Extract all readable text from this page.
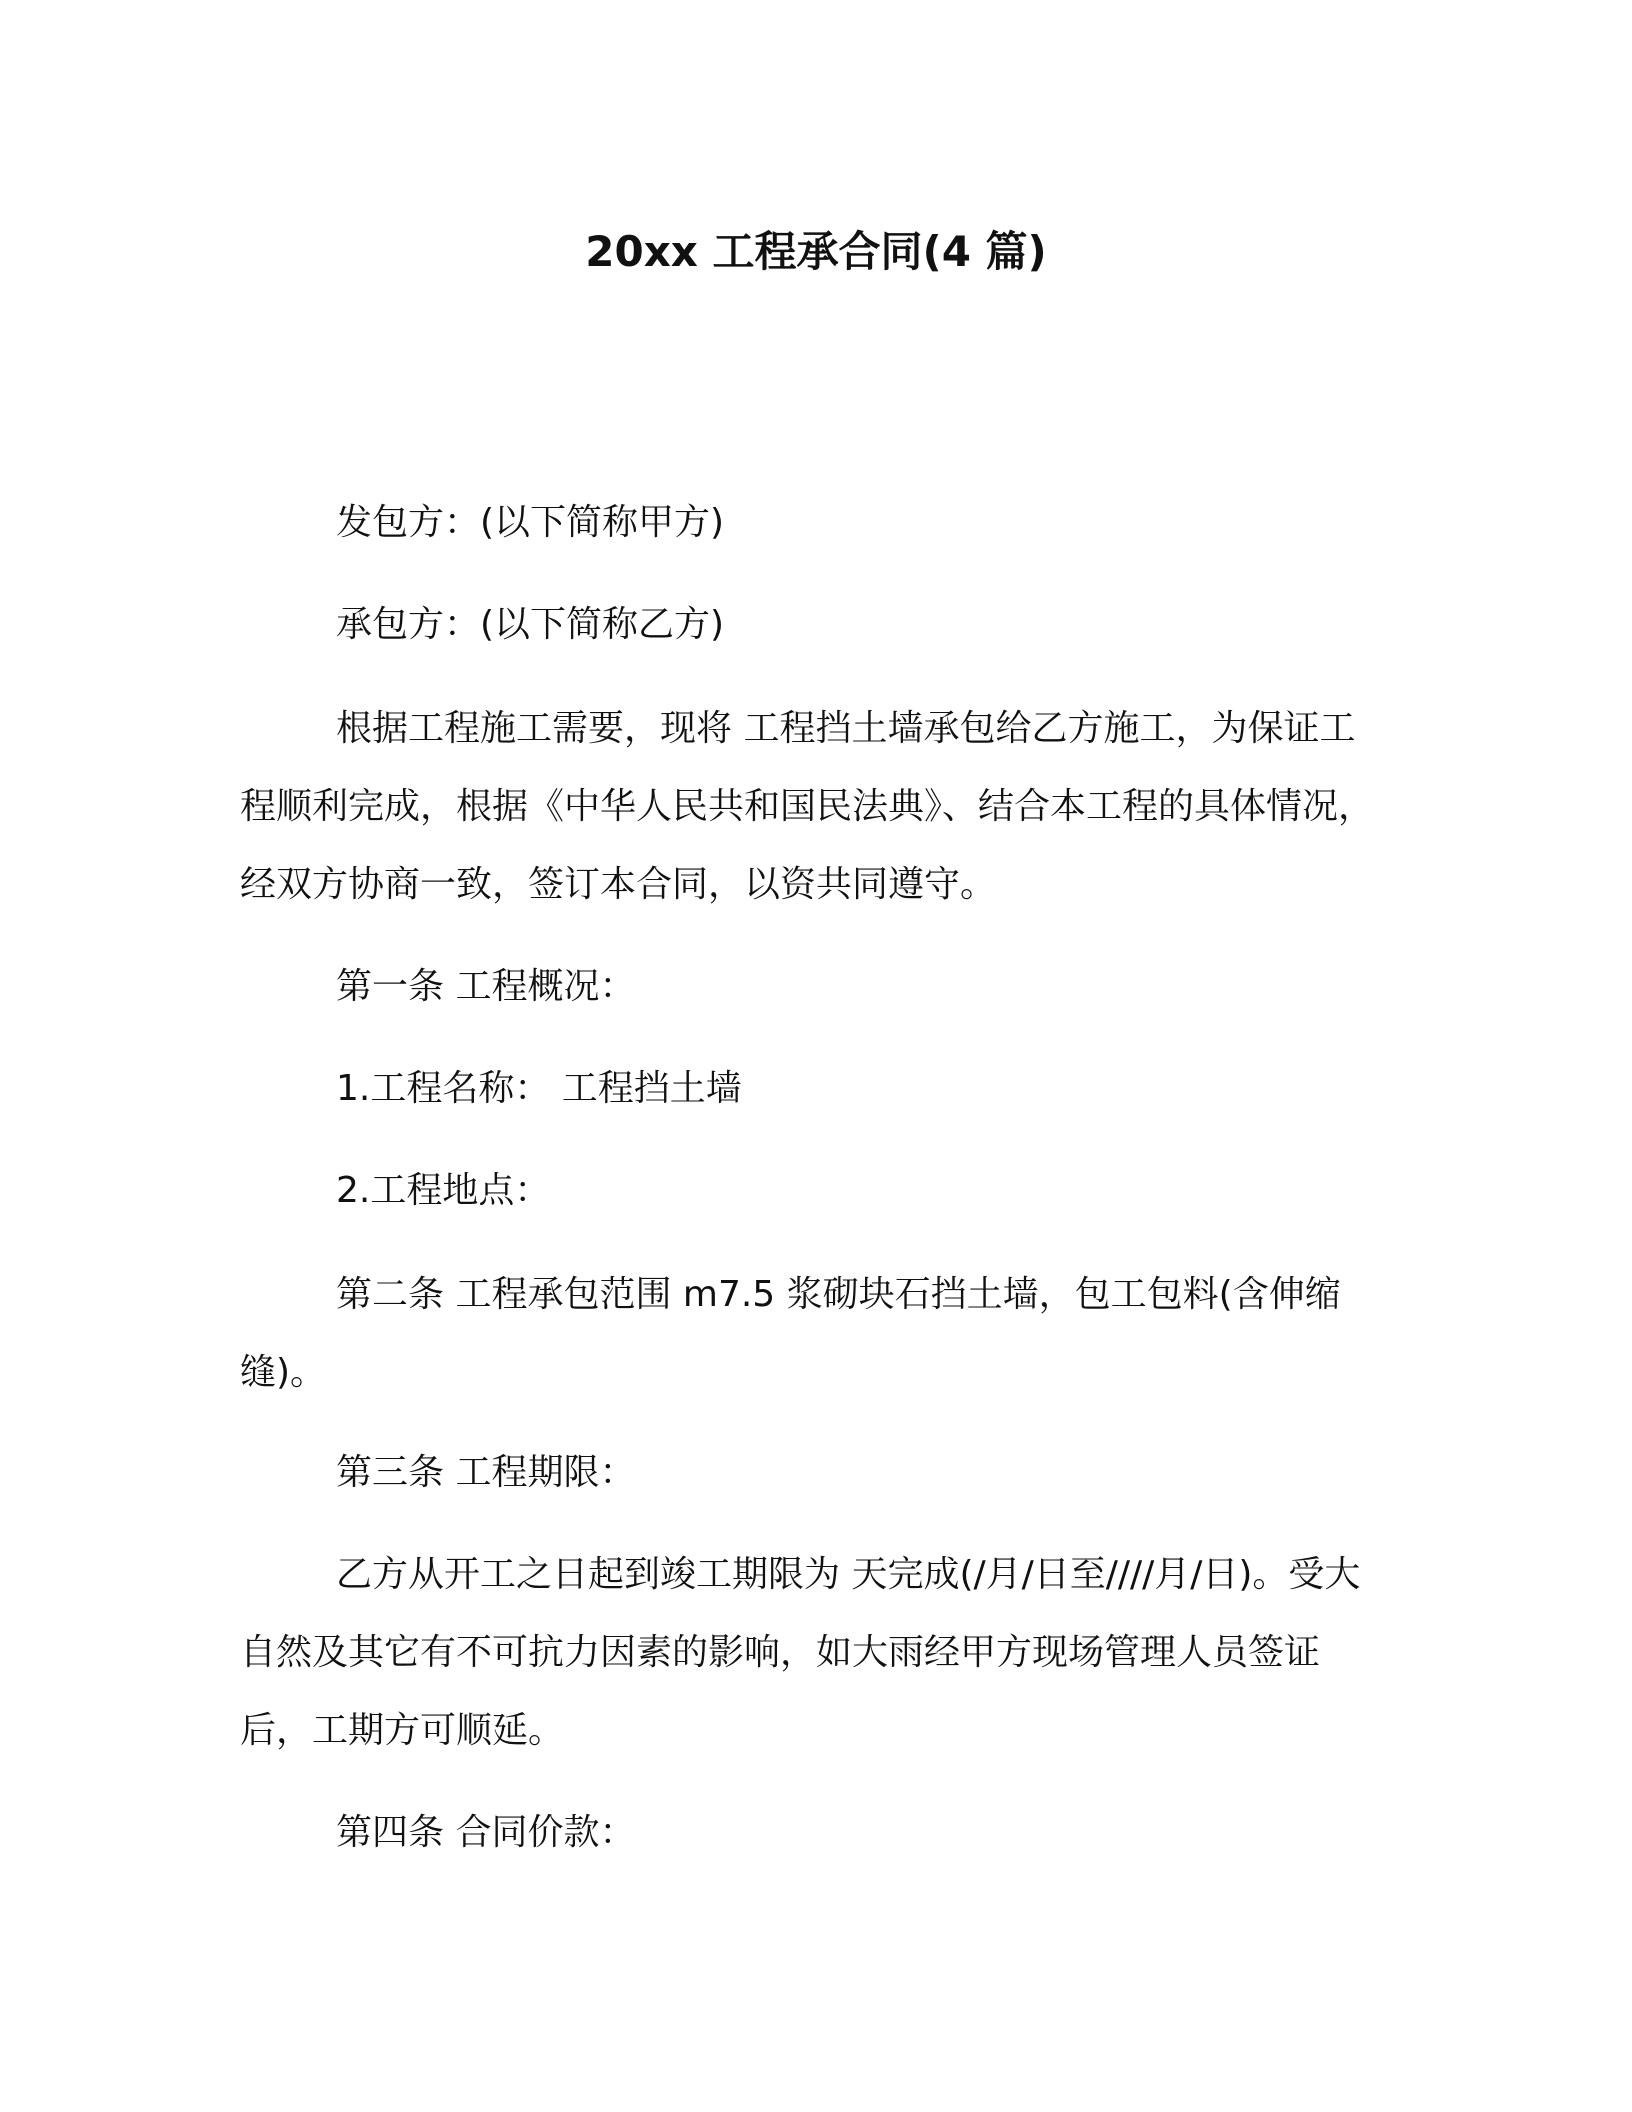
20xx 工程承合同(4 篇)
发包方：(以下简称甲方)
承包方：(以下简称乙方)
根据工程施工需要，现将 工程挡土墙承包给乙方施工，为保证工程顺利完成，根据《中华人民共和国民法典》、结合本工程的具体情况，经双方协商一致，签订本合同，以资共同遵守。
第一条 工程概况：
1.工程名称： 工程挡土墙
2.工程地点：
第二条 工程承包范围 m7.5 浆砌块石挡土墙，包工包料(含伸缩缝)。
第三条 工程期限：
乙方从开工之日起到竣工期限为 天完成(/月/日至////月/日)。受大自然及其它有不可抗力因素的影响，如大雨经甲方现场管理人员签证后，工期方可顺延。
第四条 合同价款：
